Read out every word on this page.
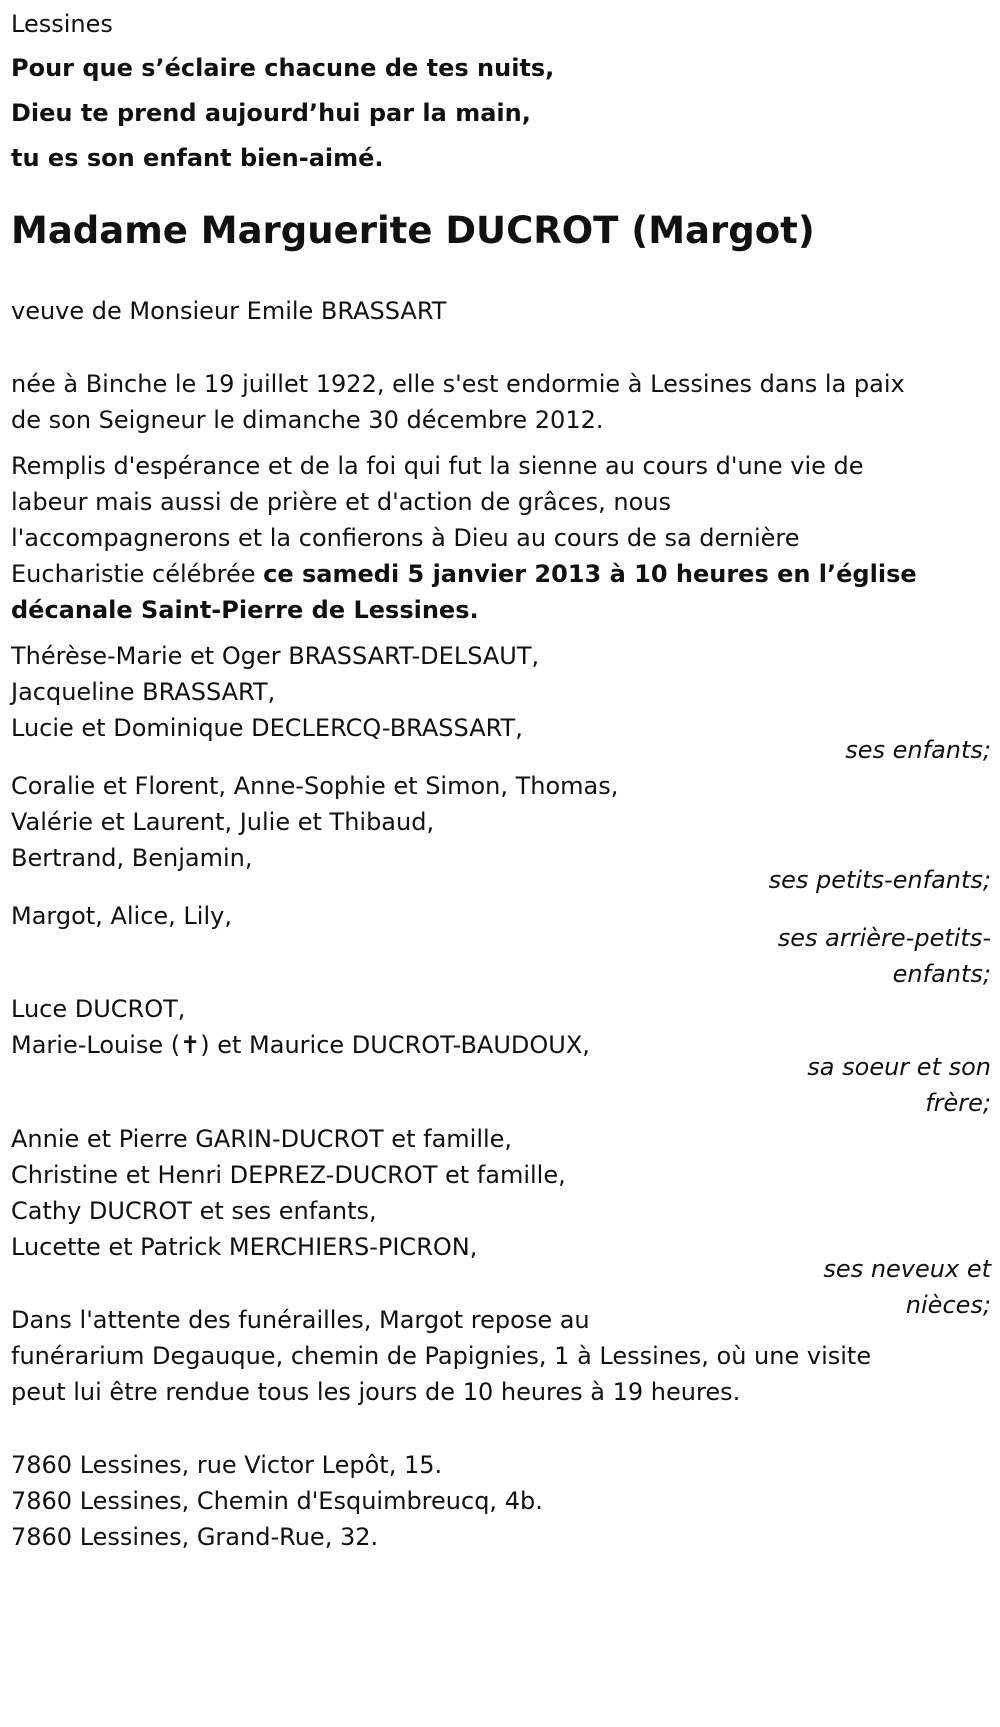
Lessines
Pour que s’éclaire chacune de tes nuits,
Dieu te prend aujourd’hui par la main,
tu es son enfant bien-aimé.
Madame Marguerite DUCROT (Margot)
veuve de Monsieur Emile BRASSART
née à Binche le 19 juillet 1922, elle s'est endormie à Lessines dans la paix
de son Seigneur le dimanche 30 décembre 2012.
Remplis d'espérance et de la foi qui fut la sienne au cours d'une vie de
labeur mais aussi de prière et d'action de grâces, nous
l'accompagnerons et la confierons à Dieu au cours de sa dernière
Eucharistie célébrée ce samedi 5 janvier 2013 à 10 heures en l’église
décanale Saint-Pierre de Lessines.
Thérèse-Marie et Oger BRASSART-DELSAUT,
Jacqueline BRASSART,
Lucie et Dominique DECLERCQ-BRASSART,
ses enfants;
Coralie et Florent, Anne-Sophie et Simon, Thomas,
Valérie et Laurent, Julie et Thibaud,
Bertrand, Benjamin,
ses petits-enfants;
Margot, Alice, Lily,
ses arrière-petits-
enfants;
Luce DUCROT,
Marie-Louise (✝) et Maurice DUCROT-BAUDOUX,
sa soeur et son
frère;
Annie et Pierre GARIN-DUCROT et famille,
Christine et Henri DEPREZ-DUCROT et famille,
Cathy DUCROT et ses enfants,
Lucette et Patrick MERCHIERS-PICRON,
ses neveux et
nièces;
Dans l'attente des funérailles, Margot repose au
funérarium Degauque, chemin de Papignies, 1 à Lessines, où une visite
peut lui être rendue tous les jours de 10 heures à 19 heures.
7860 Lessines, rue Victor Lepôt, 15.
7860 Lessines, Chemin d'Esquimbreucq, 4b.
7860 Lessines, Grand-Rue, 32.
